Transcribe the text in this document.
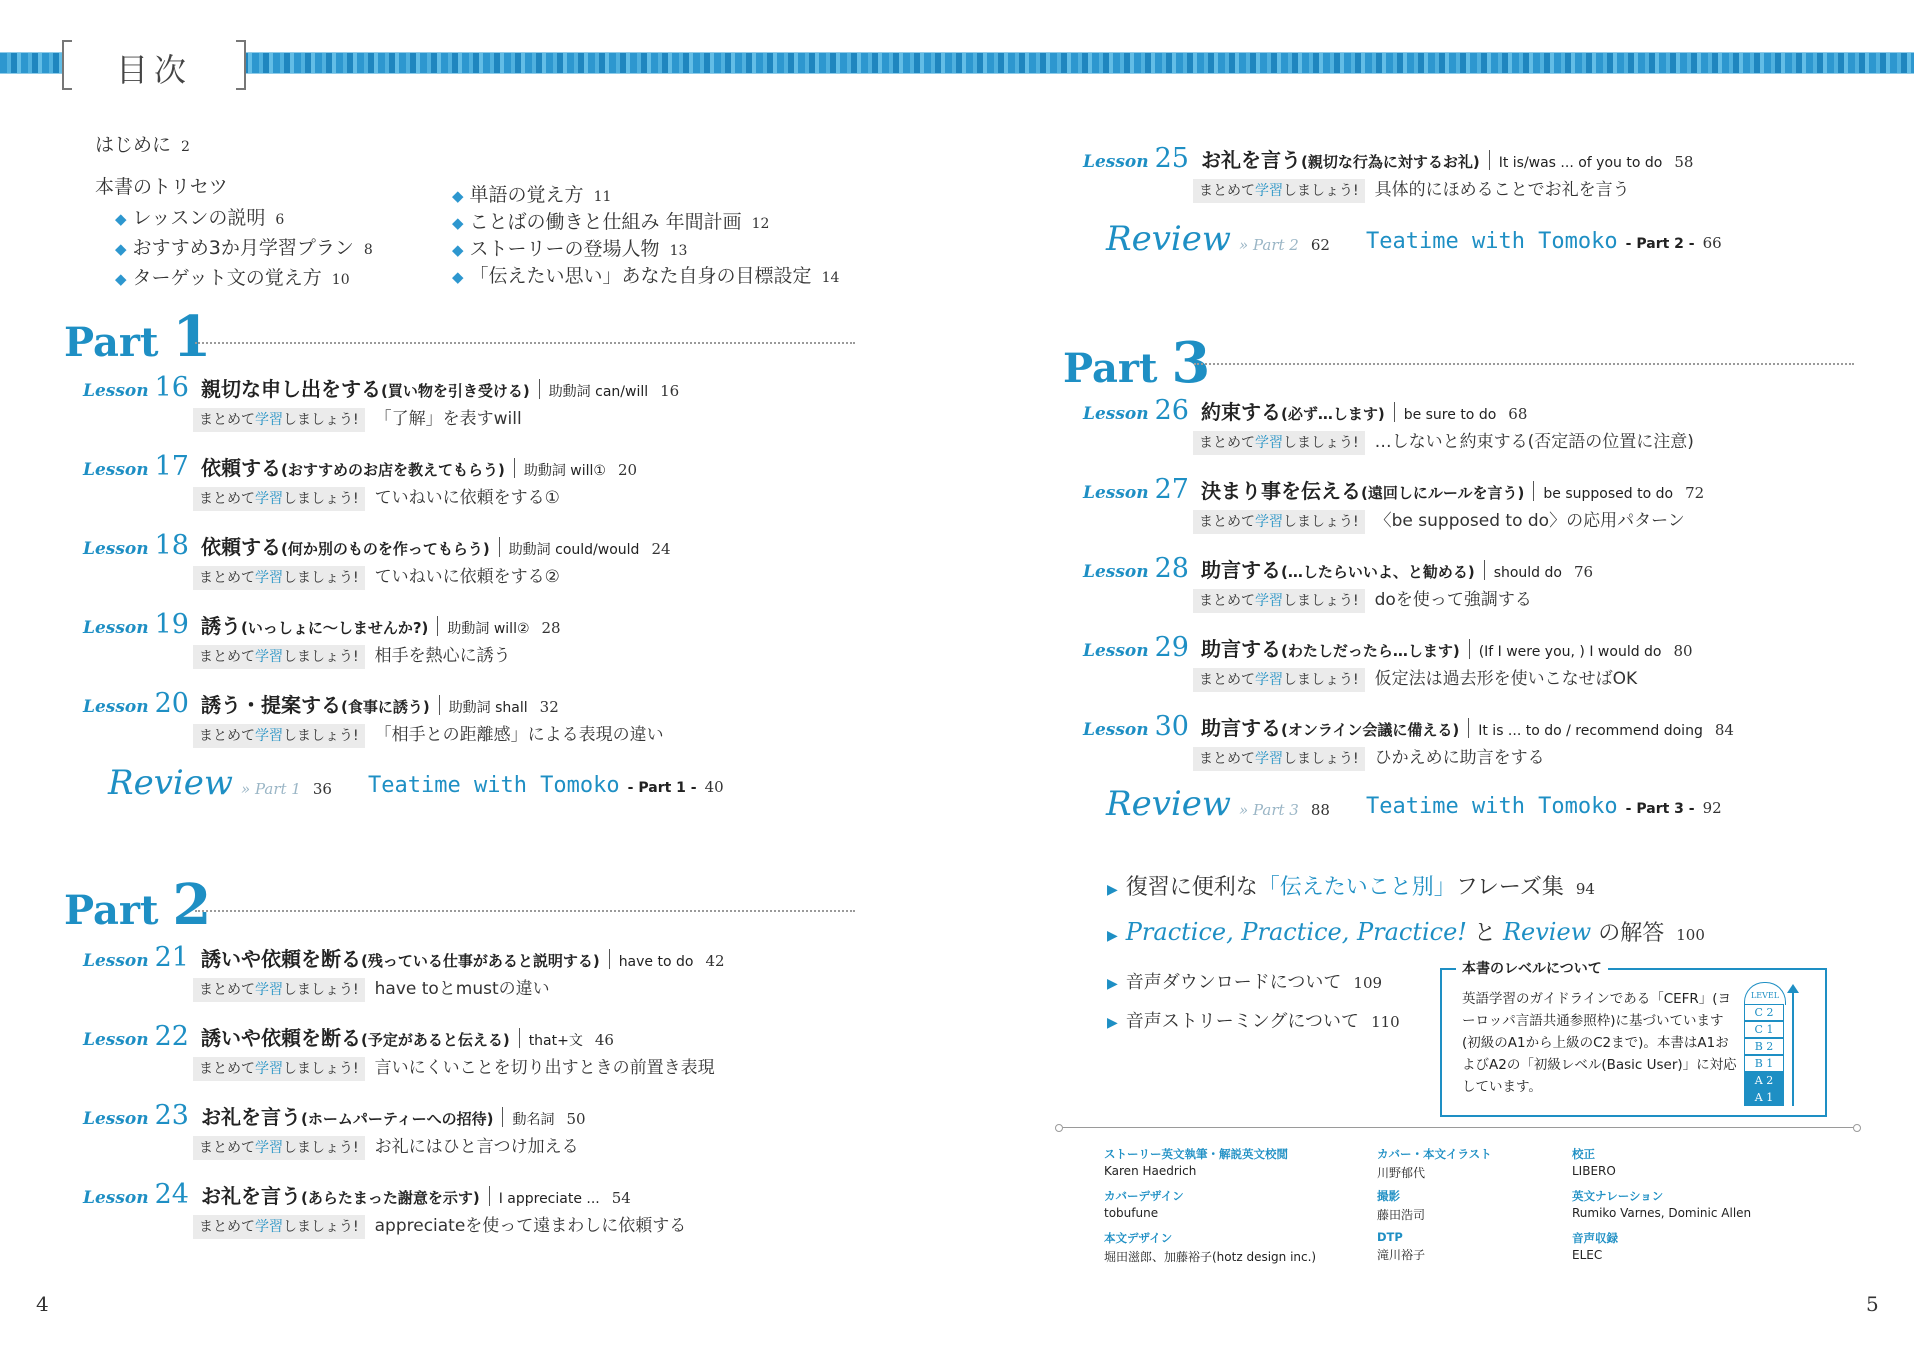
目次
はじめに 2
本書のトリセツ
◆ レッスンの説明 6
◆ おすすめ3か月学習プラン 8
◆ ターゲット文の覚え方 10
◆ 単語の覚え方 11
◆ ことばの働きと仕組み 年間計画 12
◆ ストーリーの登場人物 13
◆ 「伝えたい思い」あなた自身の目標設定 14
Part 1
Lesson 16 親切な申し出をする(買い物を引き受ける) 助動詞 can/will 16
まとめて学習しましょう! 「了解」を表すwill
Lesson 17 依頼する(おすすめのお店を教えてもらう) 助動詞 will① 20
まとめて学習しましょう! ていねいに依頼をする①
Lesson 18 依頼する(何か別のものを作ってもらう) 助動詞 could/would 24
まとめて学習しましょう! ていねいに依頼をする②
Lesson 19 誘う(いっしょに～しませんか?) 助動詞 will② 28
まとめて学習しましょう! 相手を熱心に誘う
Lesson 20 誘う・提案する(食事に誘う) 助動詞 shall 32
まとめて学習しましょう! 「相手との距離感」による表現の違い
Review » Part 1 36 Teatime with Tomoko - Part 1 - 40
Part 2
Lesson 21 誘いや依頼を断る(残っている仕事があると説明する) have to do 42
まとめて学習しましょう! have toとmustの違い
Lesson 22 誘いや依頼を断る(予定があると伝える) that+文 46
まとめて学習しましょう! 言いにくいことを切り出すときの前置き表現
Lesson 23 お礼を言う(ホームパーティーへの招待) 動名詞 50
まとめて学習しましょう! お礼にはひと言つけ加える
Lesson 24 お礼を言う(あらたまった謝意を示す) I appreciate ... 54
まとめて学習しましょう! appreciateを使って遠まわしに依頼する
Lesson 25 お礼を言う(親切な行為に対するお礼) It is/was ... of you to do 58
まとめて学習しましょう! 具体的にほめることでお礼を言う
Review » Part 2 62 Teatime with Tomoko - Part 2 - 66
Part 3
Lesson 26 約束する(必ず…します) be sure to do 68
まとめて学習しましょう! …しないと約束する(否定語の位置に注意)
Lesson 27 決まり事を伝える(遠回しにルールを言う) be supposed to do 72
まとめて学習しましょう! 〈be supposed to do〉の応用パターン
Lesson 28 助言する(…したらいいよ、と勧める) should do 76
まとめて学習しましょう! doを使って強調する
Lesson 29 助言する(わたしだったら…します) (If I were you, ) I would do 80
まとめて学習しましょう! 仮定法は過去形を使いこなせばOK
Lesson 30 助言する(オンライン会議に備える) It is ... to do / recommend doing 84
まとめて学習しましょう! ひかえめに助言をする
Review » Part 3 88 Teatime with Tomoko - Part 3 - 92
▶ 復習に便利な「伝えたいこと別」フレーズ集 94
▶ Practice, Practice, Practice! と Review の解答 100
▶ 音声ダウンロードについて 109
▶ 音声ストリーミングについて 110
本書のレベルについて
英語学習のガイドラインである「CEFR」(ヨーロッパ言語共通参照枠)に基づいています(初級のA1から上級のC2まで)。本書はA1およびA2の「初級レベル(Basic User)」に対応しています。
LEVEL
C 2
C 1
B 2
B 1
A 2
A 1
ストーリー英文執筆・解説英文校閲
Karen Haedrich
カバー・本文イラスト
川野郁代
校正
LIBERO
カバーデザイン
tobufune
撮影
藤田浩司
英文ナレーション
Rumiko Varnes, Dominic Allen
本文デザイン
堀田滋郎、加藤裕子(hotz design inc.)
DTP
滝川裕子
音声収録
ELEC
4	5
